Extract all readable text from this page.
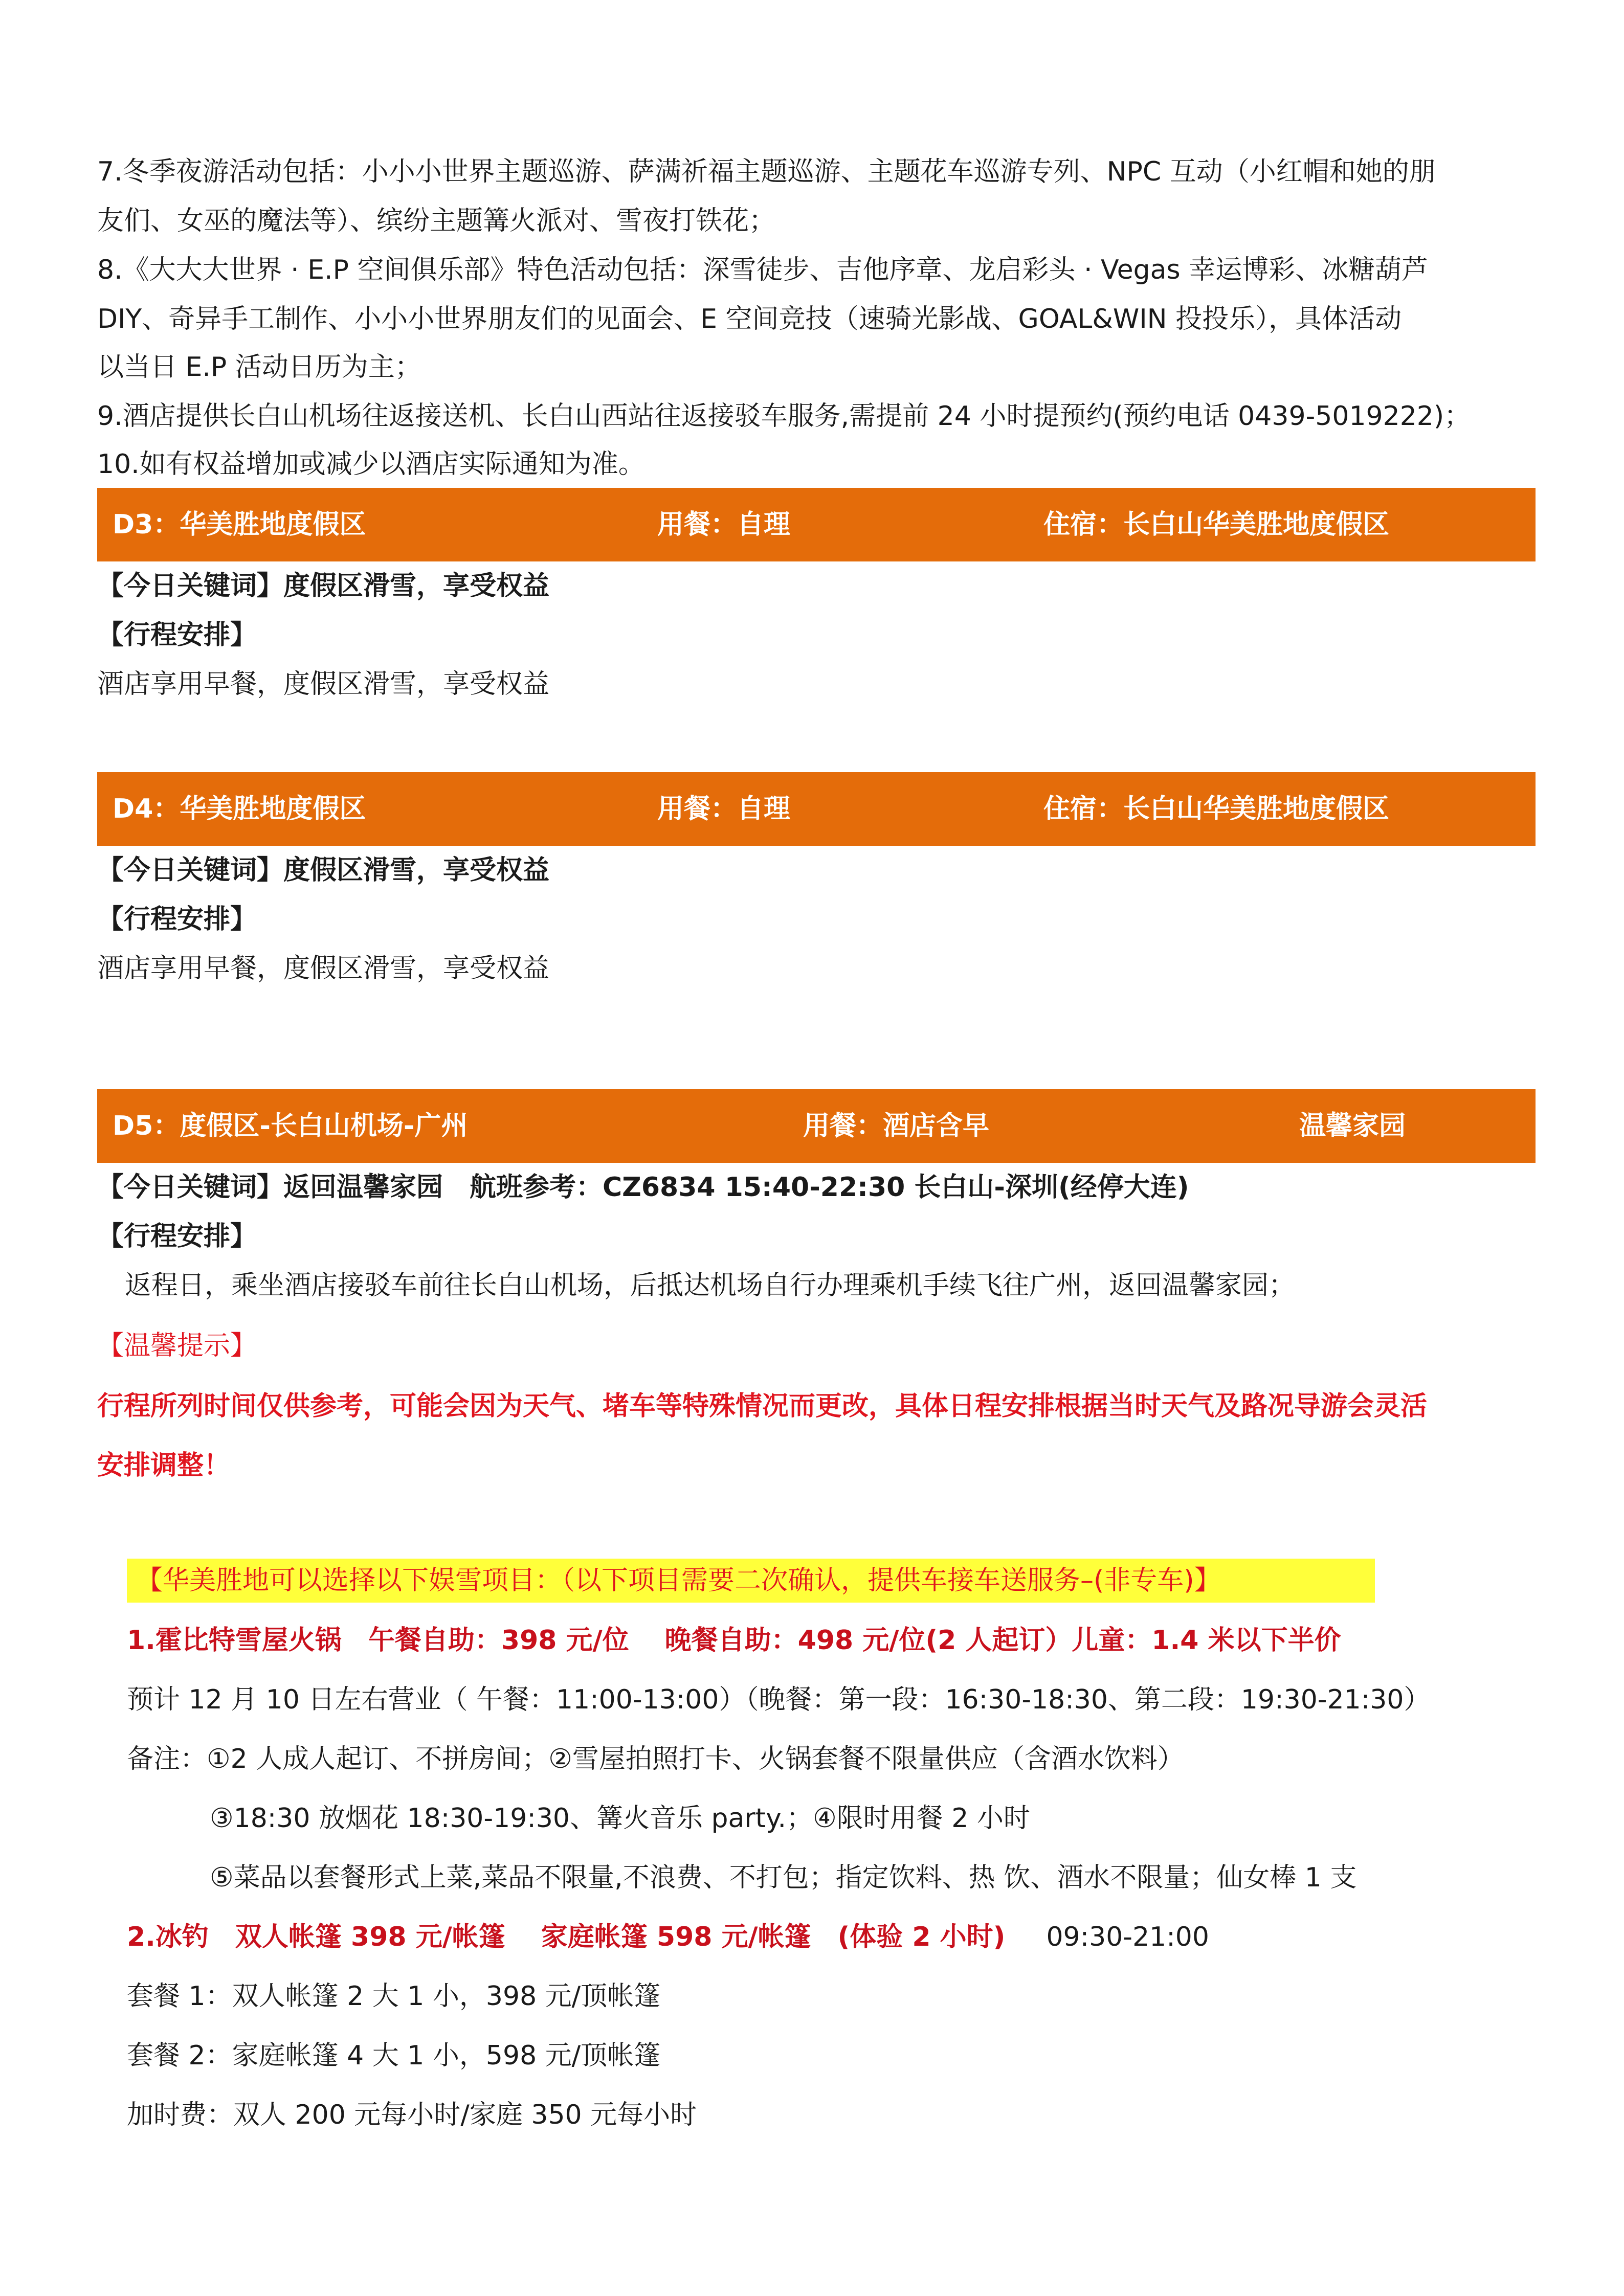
7.冬季夜游活动包括：小小小世界主题巡游、萨满祈福主题巡游、主题花车巡游专列、NPC 互动（小红帽和她的朋
友们、女巫的魔法等）、缤纷主题篝火派对、雪夜打铁花；
8.《大大大世界 · E.P 空间俱乐部》特色活动包括：深雪徒步、吉他序章、龙启彩头 · Vegas 幸运博彩、冰糖葫芦
DIY、奇异手工制作、小小小世界朋友们的见面会、E 空间竞技（速骑光影战、GOAL&WIN 投投乐），具体活动
以当日 E.P 活动日历为主；
9.酒店提供长白山机场往返接送机、长白山西站往返接驳车服务,需提前 24 小时提预约(预约电话 0439-5019222)；
10.如有权益增加或减少以酒店实际通知为准。
D3：华美胜地度假区	用餐：自理	住宿：长白山华美胜地度假区
【今日关键词】度假区滑雪，享受权益
【行程安排】
酒店享用早餐，度假区滑雪，享受权益
D4：华美胜地度假区	用餐：自理	住宿：长白山华美胜地度假区
【今日关键词】度假区滑雪，享受权益
【行程安排】
酒店享用早餐，度假区滑雪，享受权益
D5：度假区-长白山机场-广州	用餐：酒店含早	温馨家园
【今日关键词】返回温馨家园　航班参考：CZ6834 15:40-22:30 长白山-深圳(经停大连)
【行程安排】
返程日，乘坐酒店接驳车前往长白山机场，后抵达机场自行办理乘机手续飞往广州，返回温馨家园；
【温馨提示】
行程所列时间仅供参考，可能会因为天气、堵车等特殊情况而更改，具体日程安排根据当时天气及路况导游会灵活
安排调整！
【华美胜地可以选择以下娱雪项目：（以下项目需要二次确认，提供车接车送服务–(非专车)】
1.霍比特雪屋火锅　午餐自助：398 元/位　 晚餐自助：498 元/位(2 人起订）儿童：1.4 米以下半价
预计 12 月 10 日左右营业（ 午餐：11:00-13:00）（晚餐：第一段：16:30-18:30、第二段：19:30-21:30）
备注：①2 人成人起订、不拼房间；②雪屋拍照打卡、火锅套餐不限量供应（含酒水饮料）
③18:30 放烟花 18:30-19:30、篝火音乐 party.；④限时用餐 2 小时
⑤菜品以套餐形式上菜,菜品不限量,不浪费、不打包；指定饮料、热 饮、酒水不限量；仙女棒 1 支
2.冰钓　双人帐篷 398 元/帐篷　 家庭帐篷 598 元/帐篷　(体验 2 小时) 09:30-21:00
套餐 1：双人帐篷 2 大 1 小，398 元/顶帐篷
套餐 2：家庭帐篷 4 大 1 小，598 元/顶帐篷
加时费：双人 200 元每小时/家庭 350 元每小时
